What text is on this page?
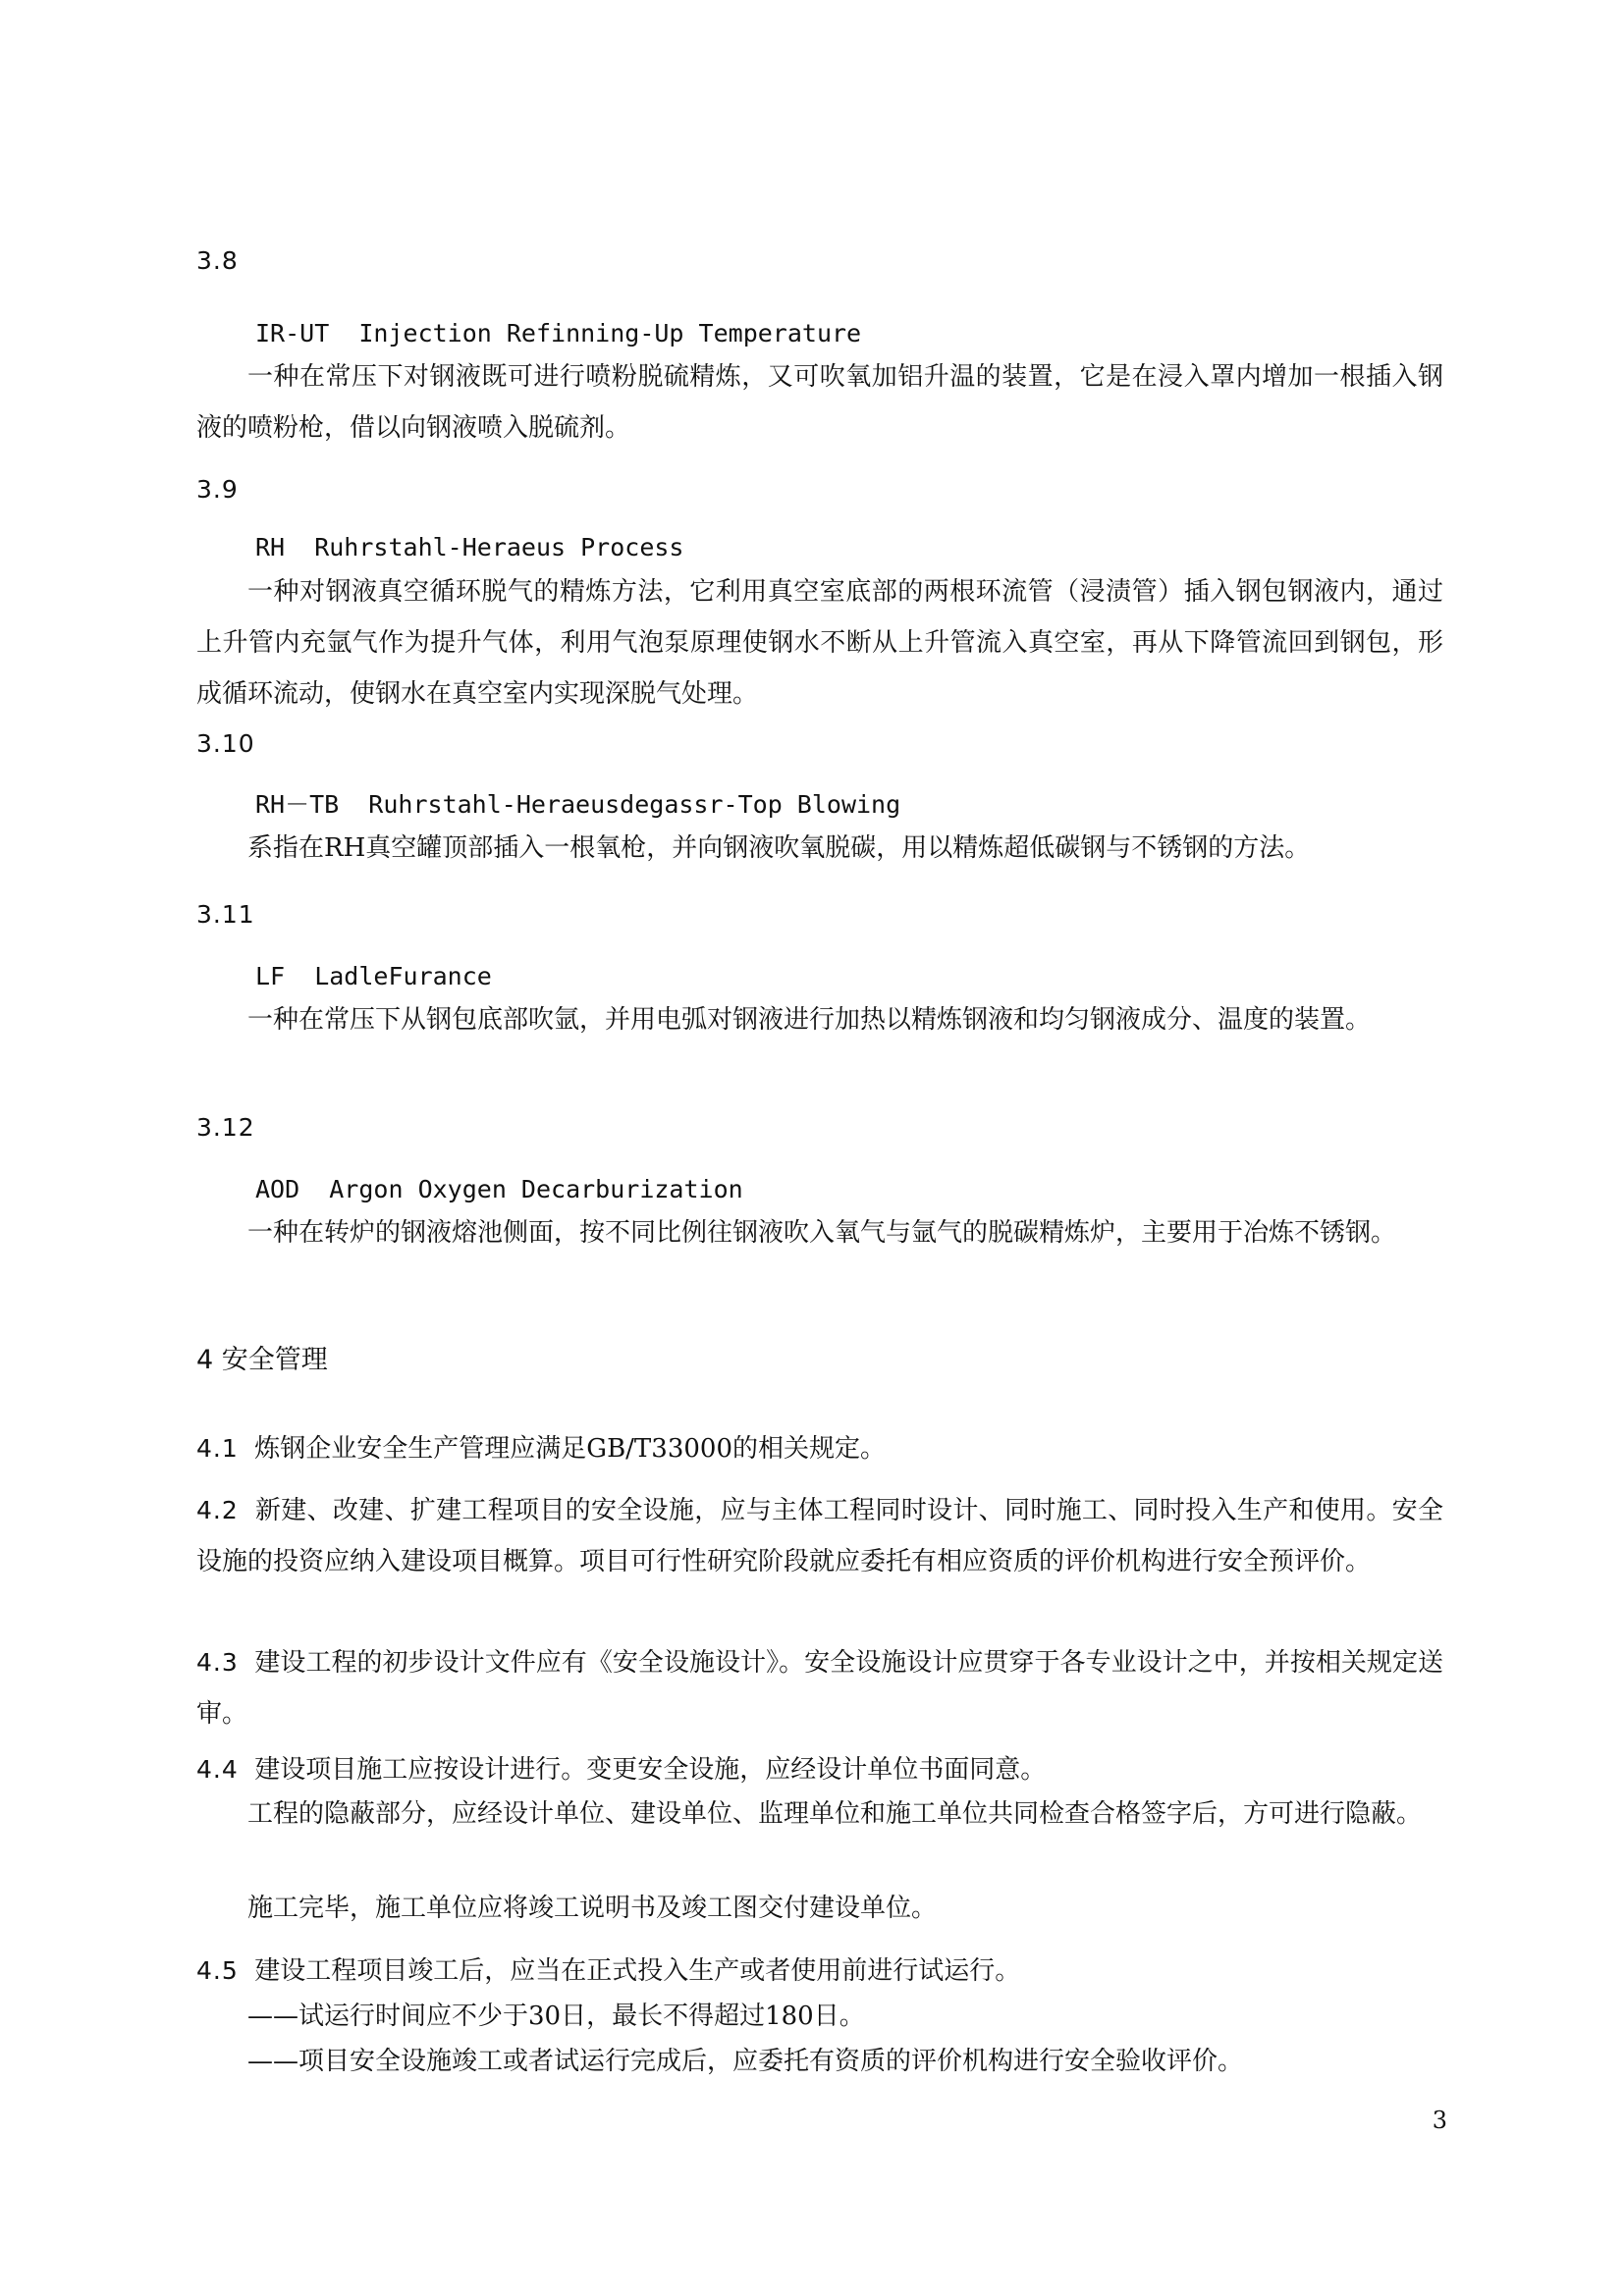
3.8
IR-UT  Injection Refinning-Up Temperature

一种在常压下对钢液既可进行喷粉脱硫精炼，又可吹氧加铝升温的装置，它是在浸入罩内增加一根插入钢液的喷粉枪，借以向钢液喷入脱硫剂。

3.9
RH  Ruhrstahl-Heraeus Process

一种对钢液真空循环脱气的精炼方法，它利用真空室底部的两根环流管（浸渍管）插入钢包钢液内，通过上升管内充氩气作为提升气体，利用气泡泵原理使钢水不断从上升管流入真空室，再从下降管流回到钢包，形成循环流动，使钢水在真空室内实现深脱气处理。

3.10
RH－TB  Ruhrstahl-Heraeusdegassr-Top Blowing

系指在RH真空罐顶部插入一根氧枪，并向钢液吹氧脱碳，用以精炼超低碳钢与不锈钢的方法。

3.11
LF  LadleFurance

一种在常压下从钢包底部吹氩，并用电弧对钢液进行加热以精炼钢液和均匀钢液成分、温度的装置。

3.12
AOD  Argon Oxygen Decarburization

一种在转炉的钢液熔池侧面，按不同比例往钢液吹入氧气与氩气的脱碳精炼炉，主要用于冶炼不锈钢。

4 安全管理

4.1 炼钢企业安全生产管理应满足GB/T33000的相关规定。

4.2 新建、改建、扩建工程项目的安全设施，应与主体工程同时设计、同时施工、同时投入生产和使用。安全设施的投资应纳入建设项目概算。项目可行性研究阶段就应委托有相应资质的评价机构进行安全预评价。

4.3 建设工程的初步设计文件应有《安全设施设计》。安全设施设计应贯穿于各专业设计之中，并按相关规定送审。

4.4 建设项目施工应按设计进行。变更安全设施，应经设计单位书面同意。

工程的隐蔽部分，应经设计单位、建设单位、监理单位和施工单位共同检查合格签字后，方可进行隐蔽。

施工完毕，施工单位应将竣工说明书及竣工图交付建设单位。

4.5 建设工程项目竣工后，应当在正式投入生产或者使用前进行试运行。

——试运行时间应不少于30日，最长不得超过180日。

——项目安全设施竣工或者试运行完成后，应委托有资质的评价机构进行安全验收评价。

3
